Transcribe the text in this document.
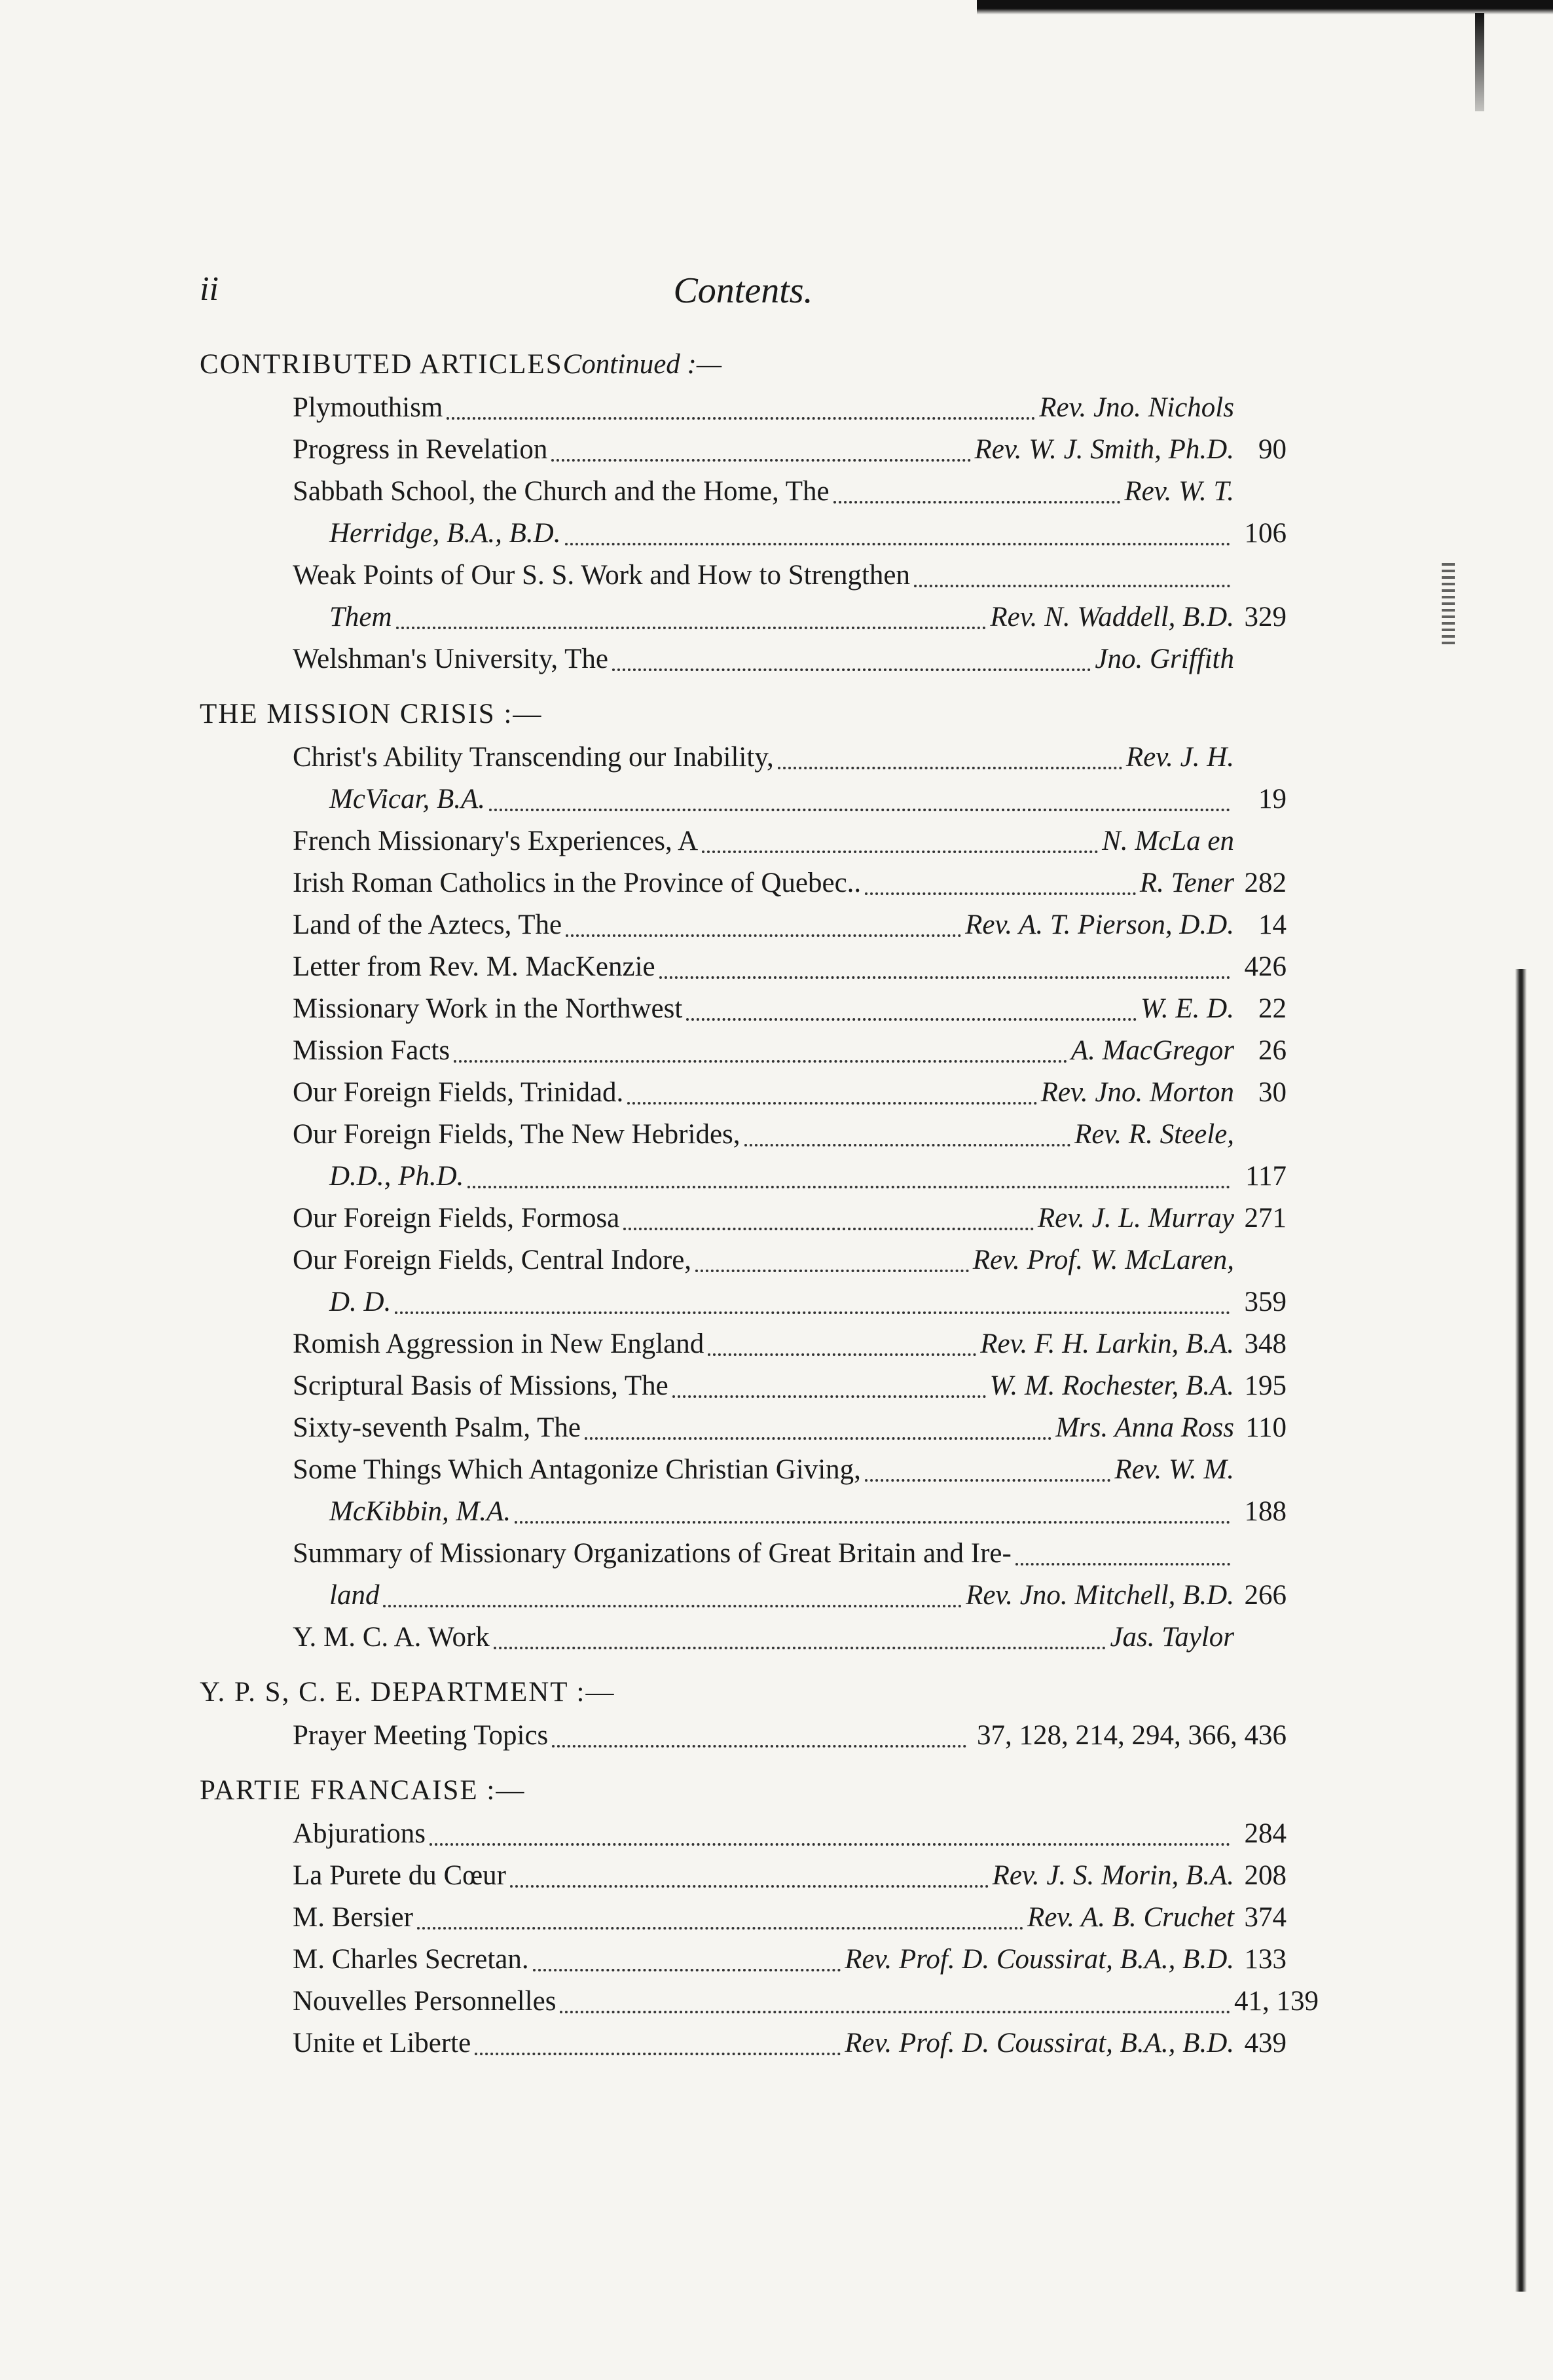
ii	Contents.
CONTRIBUTED ARTICLESContinued :—
Plymouthism	Rev. Jno. Nichols
Progress in Revelation	Rev. W. J. Smith, Ph.D. 90
Sabbath School, the Church and the Home, The	Rev. W. T.
Herridge, B.A., B.D.	106
Weak Points of Our S. S. Work and How to Strengthen
Them	Rev. N. Waddell, B.D. 329
Welshman's University, The	Jno. Griffith
THE MISSION CRISIS :—
Christ's Ability Transcending our Inability,	Rev. J. H.
McVicar, B.A.	19
French Missionary's Experiences, A	N. McLa en
Irish Roman Catholics in the Province of Quebec..	R. Tener 282
Land of the Aztecs, The	Rev. A. T. Pierson, D.D. 14
Letter from Rev. M. MacKenzie	426
Missionary Work in the Northwest	W. E. D. 22
Mission Facts	A. MacGregor 26
Our Foreign Fields, Trinidad.	Rev. Jno. Morton 30
Our Foreign Fields, The New Hebrides,	Rev. R. Steele,
D.D., Ph.D.	117
Our Foreign Fields, Formosa	Rev. J. L. Murray 271
Our Foreign Fields, Central Indore,	Rev. Prof. W. McLaren,
D. D.	359
Romish Aggression in New England	Rev. F. H. Larkin, B.A. 348
Scriptural Basis of Missions, The	W. M. Rochester, B.A. 195
Sixty-seventh Psalm, The	Mrs. Anna Ross 110
Some Things Which Antagonize Christian Giving,	Rev. W. M.
McKibbin, M.A.	188
Summary of Missionary Organizations of Great Britain and Ire-
land	Rev. Jno. Mitchell, B.D. 266
Y. M. C. A. Work	Jas. Taylor
Y. P. S, C. E. DEPARTMENT :—
Prayer Meeting Topics	37, 128, 214, 294, 366, 436
PARTIE FRANCAISE :—
Abjurations	284
La Purete du Cœur	Rev. J. S. Morin, B.A. 208
M. Bersier	Rev. A. B. Cruchet 374
M. Charles Secretan.	Rev. Prof. D. Coussirat, B.A., B.D. 133
Nouvelles Personnelles	41, 139
Unite et Liberte	Rev. Prof. D. Coussirat, B.A., B.D. 439
